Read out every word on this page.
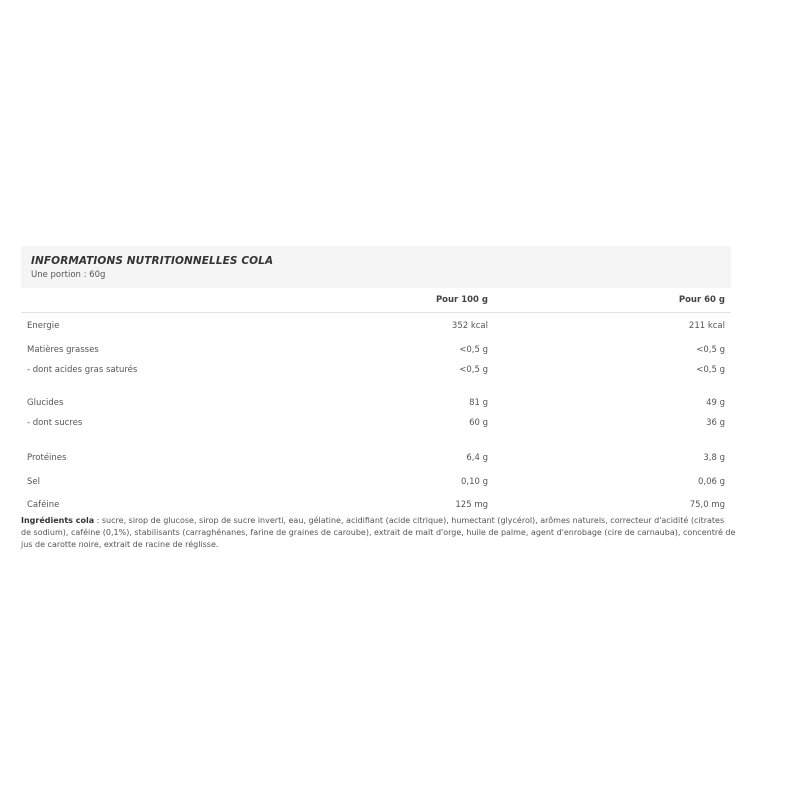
INFORMATIONS NUTRITIONNELLES COLA
Une portion : 60g
Pour 100 g	Pour 60 g
Energie	352 kcal	211 kcal
Matières grasses	<0,5 g	<0,5 g
- dont acides gras saturés	<0,5 g	<0,5 g
Glucides	81 g	49 g
- dont sucres	60 g	36 g
Protéines	6,4 g	3,8 g
Sel	0,10 g	0,06 g
Caféine	125 mg	75,0 mg
Ingrédients cola : sucre, sirop de glucose, sirop de sucre inverti, eau, gélatine, acidifiant (acide citrique), humectant (glycérol), arômes naturels, correcteur d'acidité (citrates de sodium), caféine (0,1%), stabilisants (carraghénanes, farine de graines de caroube), extrait de malt d'orge, huile de palme, agent d'enrobage (cire de carnauba), concentré de jus de carotte noire, extrait de racine de réglisse.
